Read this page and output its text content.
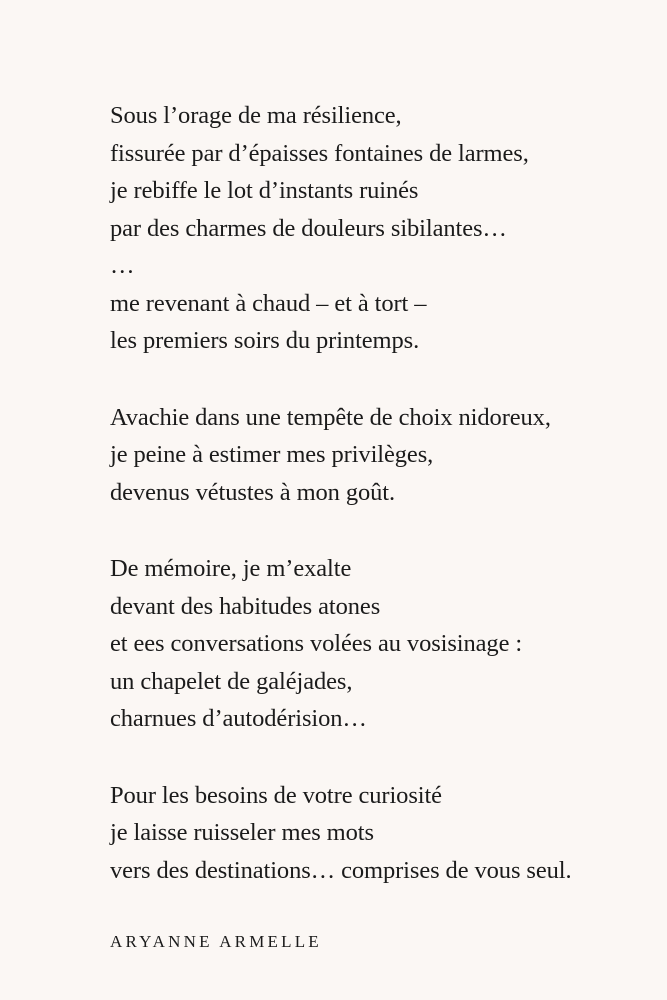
Sous l’orage de ma résilience,
fissurée par d’épaisses fontaines de larmes,
je rebiffe le lot d’instants ruinés
par des charmes de douleurs sibilantes…
…
me revenant à chaud – et à tort –
les premiers soirs du printemps.
Avachie dans une tempête de choix nidoreux,
je peine à estimer mes privilèges,
devenus vétustes à mon goût.
De mémoire, je m’exalte
devant des habitudes atones
et ees conversations volées au vosisinage :
un chapelet de galéjades,
charnues d’autodérision…
Pour les besoins de votre curiosité
je laisse ruisseler mes mots
vers des destinations… comprises de vous seul.
ARYANNE ARMELLE
